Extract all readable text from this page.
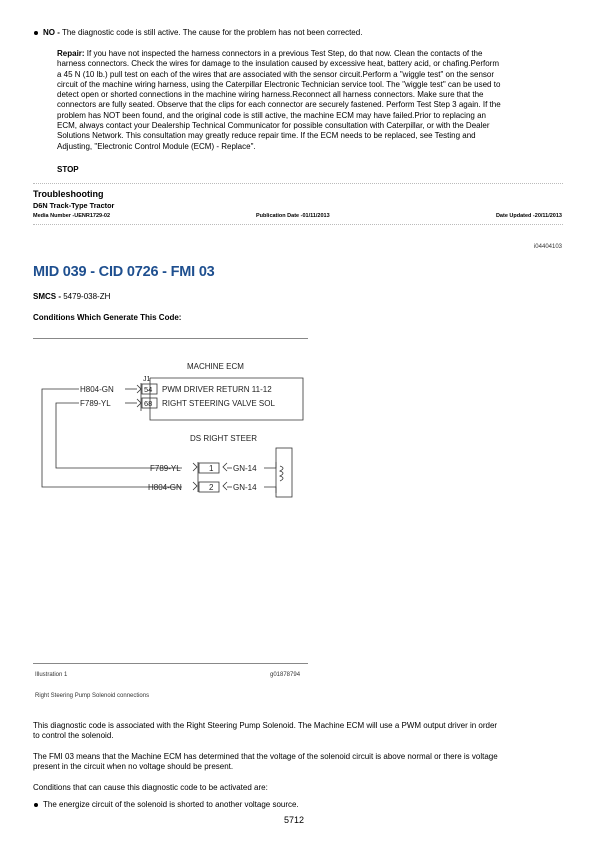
NO - The diagnostic code is still active. The cause for the problem has not been corrected.
Repair: If you have not inspected the harness connectors in a previous Test Step, do that now. Clean the contacts of the
harness connectors. Check the wires for damage to the insulation caused by excessive heat, battery acid, or chafing.Perform
a 45 N (10 lb.) pull test on each of the wires that are associated with the sensor circuit.Perform a "wiggle test" on the sensor
circuit of the machine wiring harness, using the Caterpillar Electronic Technician service tool. The "wiggle test" can be used to
detect open or shorted connections in the machine wiring harness.Reconnect all harness connectors. Make sure that the
connectors are fully seated. Observe that the clips for each connector are securely fastened. Perform Test Step 3 again. If the
problem has NOT been found, and the original code is still active, the machine ECM may have failed.Prior to replacing an
ECM, always contact your Dealership Technical Communicator for possible consultation with Caterpillar, or with the Dealer
Solutions Network. This consultation may greatly reduce repair time. If the ECM needs to be replaced, see Testing and
Adjusting, "Electronic Control Module (ECM) - Replace".
STOP
Troubleshooting
D6N Track-Type Tractor
Media Number -UENR1729-02	Publication Date -01/11/2013	Date Updated -20/11/2013
i04404103
MID 039 - CID 0726 - FMI 03
SMCS - 5479-038-ZH
Conditions Which Generate This Code:
MACHINE ECM
J1
H804-GN
F789-YL
54
68
PWM DRIVER RETURN 11-12
RIGHT STEERING VALVE SOL
DS RIGHT STEER
F789-YL
H804-GN
1
2
GN-14
GN-14
Illustration 1	g01878794
Right Steering Pump Solenoid connections
This diagnostic code is associated with the Right Steering Pump Solenoid. The Machine ECM will use a PWM output driver in order
to control the solenoid.
The FMI 03 means that the Machine ECM has determined that the voltage of the solenoid circuit is above normal or there is voltage
present in the circuit when no voltage should be present.
Conditions that can cause this diagnostic code to be activated are:
The energize circuit of the solenoid is shorted to another voltage source.
5712
